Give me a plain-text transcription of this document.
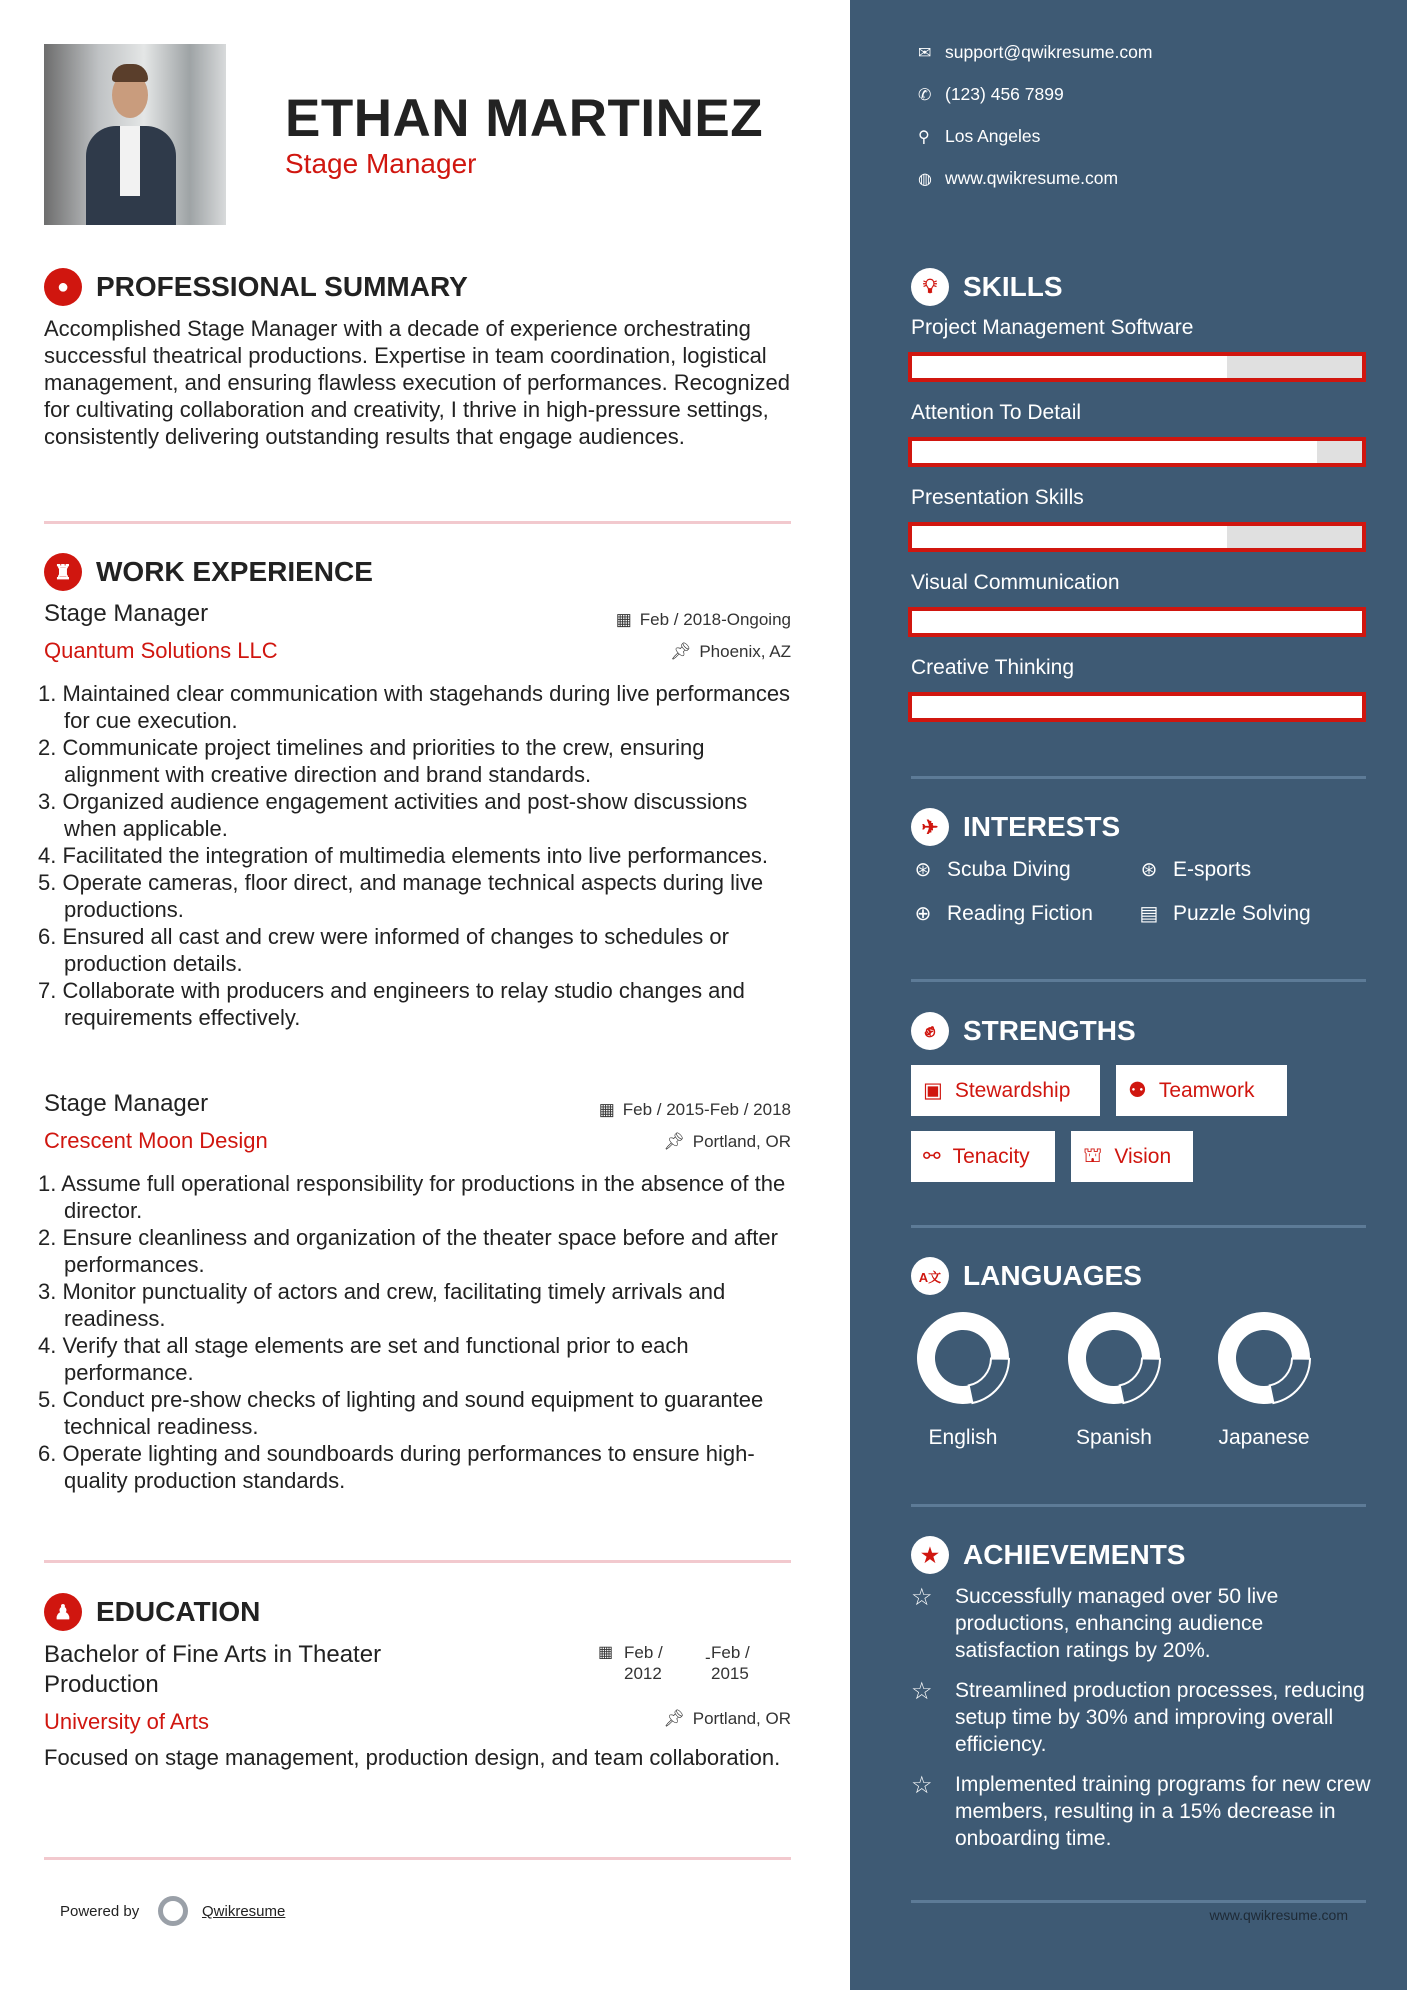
ETHAN MARTINEZ
Stage Manager
● PROFESSIONAL SUMMARY
Accomplished Stage Manager with a decade of experience orchestrating successful theatrical productions. Expertise in team coordination, logistical management, and ensuring flawless execution of performances. Recognized for cultivating collaboration and creativity, I thrive in high-pressure settings, consistently delivering outstanding results that engage audiences.
♜ WORK EXPERIENCE
Stage Manager	▦ Feb / 2018-Ongoing
Quantum Solutions LLC	📌︎ Phoenix, AZ
1. Maintained clear communication with stagehands during live performances for cue execution.
2. Communicate project timelines and priorities to the crew, ensuring alignment with creative direction and brand standards.
3. Organized audience engagement activities and post-show discussions when applicable.
4. Facilitated the integration of multimedia elements into live performances.
5. Operate cameras, floor direct, and manage technical aspects during live productions.
6. Ensured all cast and crew were informed of changes to schedules or production details.
7. Collaborate with producers and engineers to relay studio changes and requirements effectively.
Stage Manager	▦ Feb / 2015-Feb / 2018
Crescent Moon Design	📌︎ Portland, OR
1. Assume full operational responsibility for productions in the absence of the director.
2. Ensure cleanliness and organization of the theater space before and after performances.
3. Monitor punctuality of actors and crew, facilitating timely arrivals and readiness.
4. Verify that all stage elements are set and functional prior to each performance.
5. Conduct pre-show checks of lighting and sound equipment to guarantee technical readiness.
6. Operate lighting and soundboards during performances to ensure high-quality production standards.
♟ EDUCATION
Bachelor of Fine Arts in Theater Production
▦ Feb / 2012
- Feb / 2015
University of Arts	📌︎ Portland, OR
Focused on stage management, production design, and team collaboration.
Powered by	Qwikresume
✉ support@qwikresume.com
✆ (123) 456 7899
⚲ Los Angeles
◍ www.qwikresume.com
💡︎ SKILLS
Project Management Software
Attention To Detail
Presentation Skills
Visual Communication
Creative Thinking
✈ INTERESTS
⊛ Scuba Diving	⊛ E-sports
⊕ Reading Fiction ▤ Puzzle Solving
✊︎ STRENGTHS
▣ Stewardship	⚉ Teamwork
⚯ Tenacity	⛫ Vision
A文 LANGUAGES
English	Spanish	Japanese
★ ACHIEVEMENTS
☆	Successfully managed over 50 live productions, enhancing audience satisfaction ratings by 20%.
☆	Streamlined production processes, reducing setup time by 30% and improving overall efficiency.
☆	Implemented training programs for new crew members, resulting in a 15% decrease in onboarding time.
www.qwikresume.com
